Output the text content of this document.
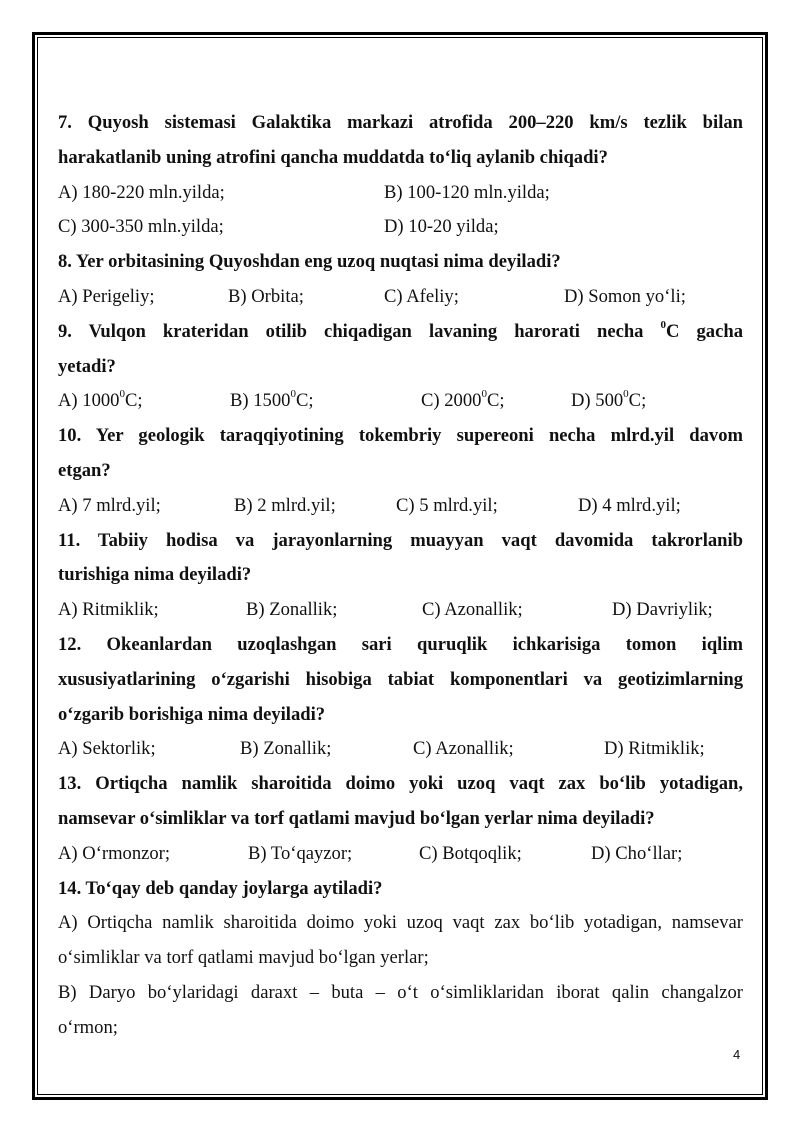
7. Quyosh sistemasi Galaktika markazi atrofida 200–220 km/s tezlik bilan
harakatlanib uning atrofini qancha muddatda to‘liq aylanib chiqadi?
A) 180-220 mln.yilda;	B) 100-120 mln.yilda;
C) 300-350 mln.yilda;	D) 10-20 yilda;
8. Yer orbitasining Quyoshdan eng uzoq nuqtasi nima deyiladi?
A) Perigeliy;	B) Orbita;	C) Afeliy;	D) Somon yo‘li;
9. Vulqon krateridan otilib chiqadigan lavaning harorati necha $^0$C gacha
yetadi?
A) 1000$^0$C;	B) 1500$^0$C;	C) 2000$^0$C;	D) $500^0C$;
10. Yer geologik taraqqiyotining tokembriy supereoni necha mlrd.yil davom
etgan?
A) 7 mlrd.yil;	B) 2 mlrd.yil;	C) 5 mlrd.yil;	D) 4 mlrd.yil;
11. Tabiiy hodisa va jarayonlarning muayyan vaqt davomida takrorlanib
turishiga nima deyiladi?
A) Ritmiklik;	B) Zonallik;	C) Azonallik;	D) Davriylik;
12. Okeanlardan uzoqlashgan sari quruqlik ichkarisiga tomon iqlim
xususiyatlarining o‘zgarishi hisobiga tabiat komponentlari va geotizimlarning
o‘zgarib borishiga nima deyiladi?
A) Sektorlik;	B) Zonallik;	C) Azonallik;	D) Ritmiklik;
13. Ortiqcha namlik sharoitida doimo yoki uzoq vaqt zax bo‘lib yotadigan,
namsevar o‘simliklar va torf qatlami mavjud bo‘lgan yerlar nima deyiladi?
A) O‘rmonzor;	B) To‘qayzor;	C) Botqoqlik;	D) Cho‘llar;
14. To‘qay deb qanday joylarga aytiladi?
A) Ortiqcha namlik sharoitida doimo yoki uzoq vaqt zax bo‘lib yotadigan, namsevar
o‘simliklar va torf qatlami mavjud bo‘lgan yerlar;
B) Daryo bo‘ylaridagi daraxt – buta – o‘t o‘simliklaridan iborat qalin changalzor
o‘rmon;
4
